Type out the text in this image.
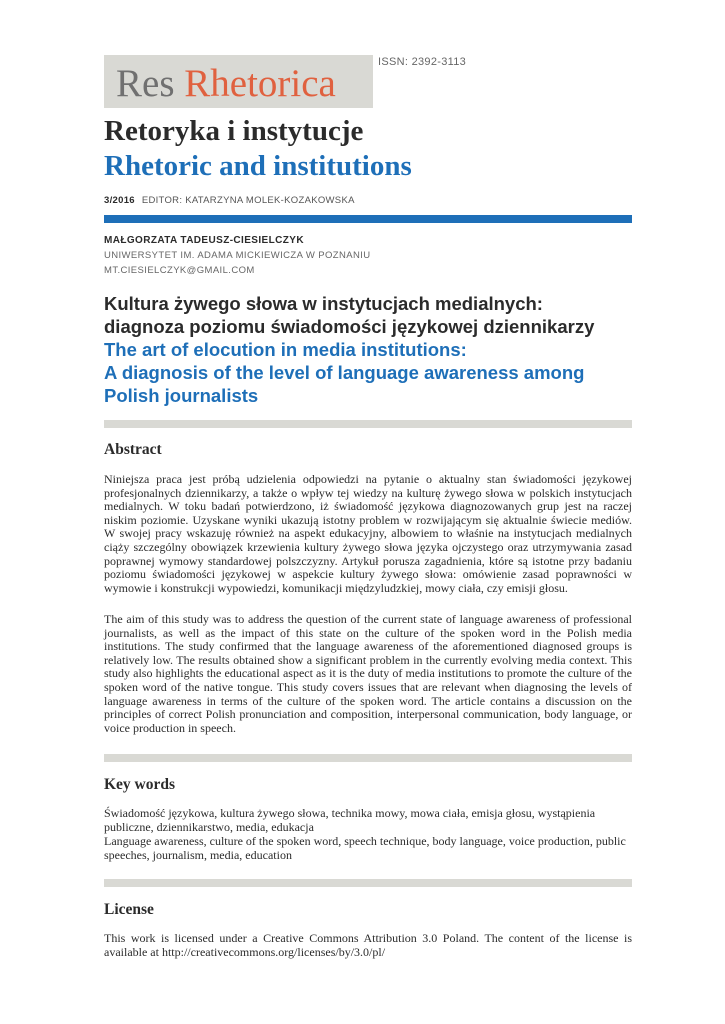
Res Rhetorica	ISSN: 2392-3113
Retoryka i instytucje
Rhetoric and institutions
3/2016 EDITOR: KATARZYNA MOLEK-KOZAKOWSKA
MAŁGORZATA TADEUSZ-CIESIELCZYK
UNIWERSYTET IM. ADAMA MICKIEWICZA W POZNANIU
MT.CIESIELCZYK@GMAIL.COM
Kultura żywego słowa w instytucjach medialnych:
diagnoza poziomu świadomości językowej dziennikarzy
The art of elocution in media institutions:
A diagnosis of the level of language awareness among
Polish journalists
Abstract
Niniejsza praca jest próbą udzielenia odpowiedzi na pytanie o aktualny stan świadomości językowej profesjonalnych dziennikarzy, a także o wpływ tej wiedzy na kulturę żywego słowa w polskich instytucjach medialnych. W toku badań potwierdzono, iż świadomość językowa diagnozowanych grup jest na raczej niskim poziomie. Uzyskane wyniki ukazują istotny problem w rozwijającym się aktualnie świecie mediów. W swojej pracy wskazuję również na aspekt edukacyjny, albowiem to właśnie na instytucjach medialnych ciąży szczególny obowiązek krzewienia kultury żywego słowa języka ojczystego oraz utrzymywania zasad poprawnej wymowy standardowej polszczyzny. Artykuł porusza zagadnienia, które są istotne przy badaniu poziomu świadomości językowej w aspekcie kultury żywego słowa: omówienie zasad poprawności w wymowie i konstrukcji wypowiedzi, komunikacji międzyludzkiej, mowy ciała, czy emisji głosu.
The aim of this study was to address the question of the current state of language awareness of professional journalists, as well as the impact of this state on the culture of the spoken word in the Polish media institutions. The study confirmed that the language awareness of the aforementioned diagnosed groups is relatively low. The results obtained show a significant problem in the currently evolving media context. This study also highlights the educational aspect as it is the duty of media institutions to promote the culture of the spoken word of the native tongue. This study covers issues that are relevant when diagnosing the levels of language awareness in terms of the culture of the spoken word. The article contains a discussion on the principles of correct Polish pronunciation and composition, interpersonal communication, body language, or voice production in speech.
Key words
Świadomość językowa, kultura żywego słowa, technika mowy, mowa ciała, emisja głosu, wystąpienia publiczne, dziennikarstwo, media, edukacja
Language awareness, culture of the spoken word, speech technique, body language, voice production, public speeches, journalism, media, education
License
This work is licensed under a Creative Commons Attribution 3.0 Poland. The content of the license is available at http://creativecommons.org/licenses/by/3.0/pl/
